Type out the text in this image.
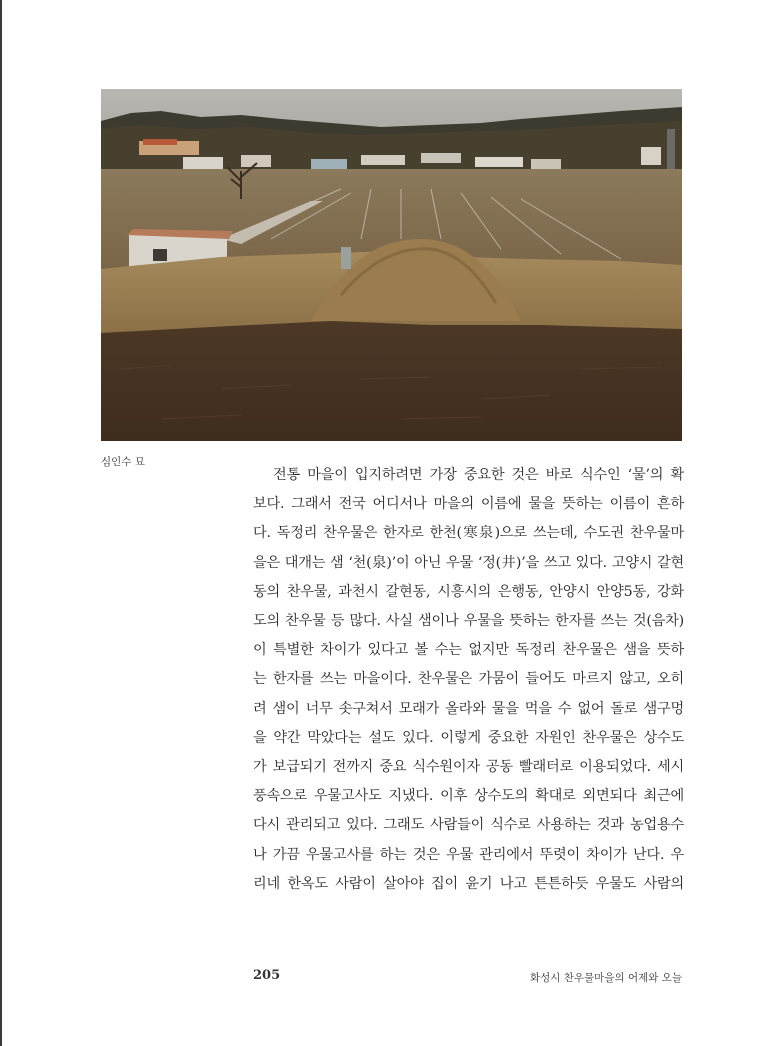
심인수 묘
전통 마을이 입지하려면 가장 중요한 것은 바로 식수인 ‘물’의 확
보다. 그래서 전국 어디서나 마을의 이름에 물을 뜻하는 이름이 흔하
다. 독정리 찬우물은 한자로 한천(寒泉)으로 쓰는데, 수도권 찬우물마
을은 대개는 샘 ‘천(泉)’이 아닌 우물 ‘정(井)’을 쓰고 있다. 고양시 갈현
동의 찬우물, 과천시 갈현동, 시흥시의 은행동, 안양시 안양5동, 강화
도의 찬우물 등 많다. 사실 샘이나 우물을 뜻하는 한자를 쓰는 것(음차)
이 특별한 차이가 있다고 볼 수는 없지만 독정리 찬우물은 샘을 뜻하
는 한자를 쓰는 마을이다. 찬우물은 가뭄이 들어도 마르지 않고, 오히
려 샘이 너무 솟구쳐서 모래가 올라와 물을 먹을 수 없어 돌로 샘구멍
을 약간 막았다는 설도 있다. 이렇게 중요한 자원인 찬우물은 상수도
가 보급되기 전까지 중요 식수원이자 공동 빨래터로 이용되었다. 세시
풍속으로 우물고사도 지냈다. 이후 상수도의 확대로 외면되다 최근에
다시 관리되고 있다. 그래도 사람들이 식수로 사용하는 것과 농업용수
나 가끔 우물고사를 하는 것은 우물 관리에서 뚜렷이 차이가 난다. 우
리네 한옥도 사람이 살아야 집이 윤기 나고 튼튼하듯 우물도 사람의
205	화성시 찬우물마을의 어제와 오늘
